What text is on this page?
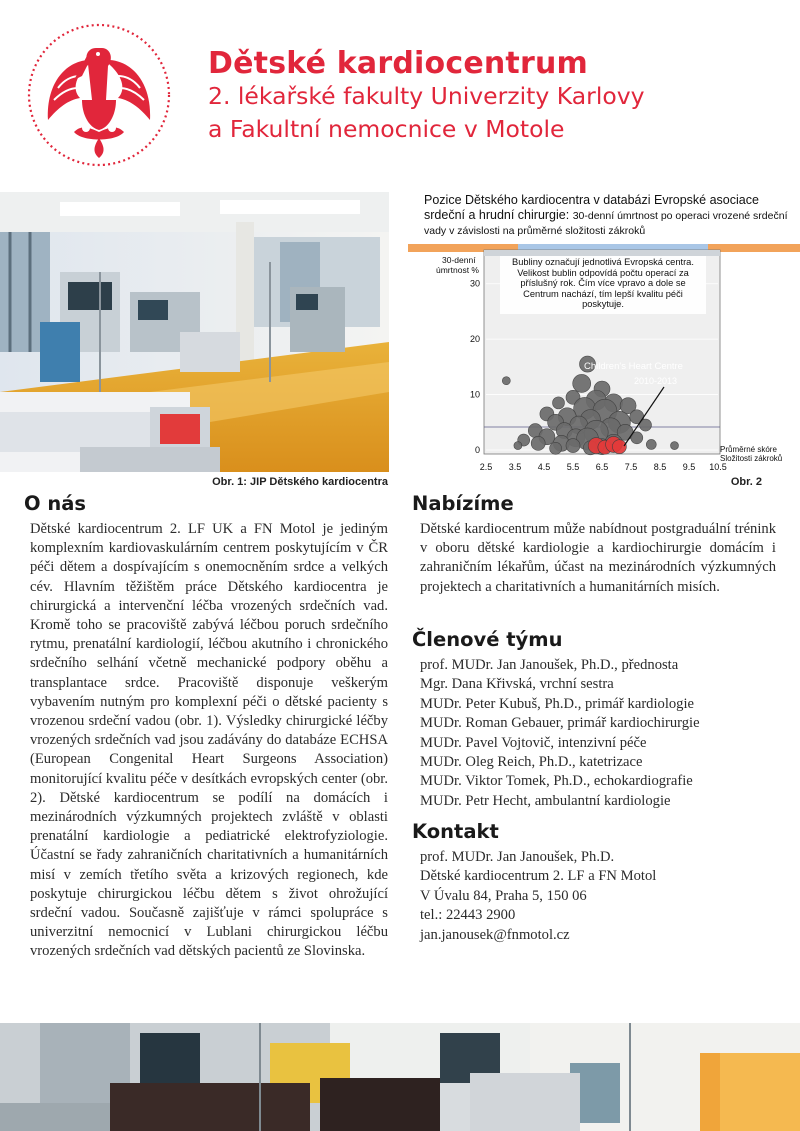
Dětské kardiocentrum
2. lékařské fakulty Univerzity Karlovy
a Fakultní nemocnice v Motole
Obr. 1: JIP Dětského kardiocentra
Pozice Dětského kardiocentra v databázi Evropské asociace
srdeční a hrudní chirurgie: 30-denní úmrtnost po operaci vrozené srdeční
vady v závislosti na průměrné složitosti zákroků
Bubliny označují jednotlivá Evropská centra. Velikost bublin odpovídá počtu operací za příslušný rok. Čím více vpravo a dole se Centrum nachází, tím lepší kvalitu péči poskytuje.
30-denní úmrtnost %
Průměrné skóre Složitosti zákroků
Children's Heart Centre
2010-2013
2.5 3.5 4.5 5.5 6.5 7.5 8.5 9.5 10.5
0
10
20
30
Obr. 2
O nás

Dětské kardiocentrum 2. LF UK a FN Motol je jediným komplexním kardiovaskulárním centrem poskytujícím v ČR péči dětem a dospívajícím s onemocněním srdce a velkých cév. Hlavním těžištěm práce Dětského kardiocentra je chirurgická a intervenční léčba vrozených srdečních vad. Kromě toho se pracoviště zabývá léčbou poruch srdečního rytmu, prenatální kardiologií, léčbou akutního i chronického srdečního selhání včetně mechanické podpory oběhu a transplantace srdce. Pracoviště disponuje veškerým vybavením nutným pro komplexní péči o dětské pacienty s vrozenou srdeční vadou (obr. 1). Výsledky chirurgické léčby vrozených srdečních vad jsou zadávány do databáze ECHSA (European Congenital Heart Surgeons Association) monitorující kvalitu péče v desítkách evropských center (obr. 2). Dětské kardiocentrum se podílí na domácích i mezinárodních výzkumných projektech zvláště v oblasti prenatální kardiologie a pediatrické elektrofyziologie. Účastní se řady zahraničních charitativních a humanitárních misí v zemích třetího světa a krizových regionech, kde poskytuje chirurgickou léčbu dětem s život ohrožující srdeční vadou. Současně zajišťuje v rámci spolupráce s univerzitní nemocnicí v Lublani chirurgickou léčbu vrozených srdečních vad dětských pacientů ze Slovinska.

Nabízíme

Dětské kardiocentrum může nabídnout postgraduální trénink v oboru dětské kardiologie a kardiochirurgie domácím i zahraničním lékařům, účast na mezinárodních výzkumných projektech a charitativních a humanitárních misích.

Členové týmu
prof. MUDr. Jan Janoušek, Ph.D., přednosta
Mgr. Dana Křivská, vrchní sestra
MUDr. Peter Kubuš, Ph.D., primář kardiologie
MUDr. Roman Gebauer, primář kardiochirurgie
MUDr. Pavel Vojtovič, intenzivní péče
MUDr. Oleg Reich, Ph.D., katetrizace
MUDr. Viktor Tomek, Ph.D., echokardiografie
MUDr. Petr Hecht, ambulantní kardiologie
Kontakt
prof. MUDr. Jan Janoušek, Ph.D.
Dětské kardiocentrum 2. LF a FN Motol
V Úvalu 84, Praha 5, 150 06
tel.: 22443 2900
jan.janousek@fnmotol.cz
